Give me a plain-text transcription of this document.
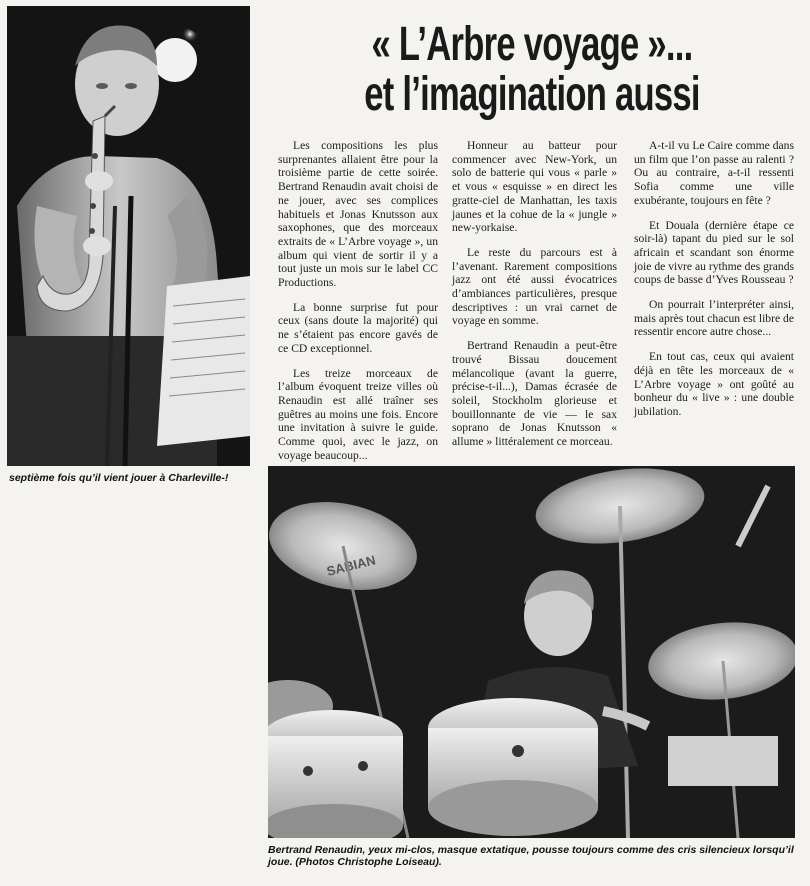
septième fois qu’il vient jouer à Charleville-!
« L’Arbre voyage »...
et l’imagination aussi

Les compositions les plus surprenantes allaient être pour la troisième partie de cette soirée. Bertrand Renaudin avait choisi de ne jouer, avec ses complices habituels et Jonas Knutsson aux saxophones, que des morceaux extraits de « L’Arbre voyage », un album qui vient de sortir il y a tout juste un mois sur le label CC Productions.

La bonne surprise fut pour ceux (sans doute la majorité) qui ne s’étaient pas encore gavés de ce CD exceptionnel.

Les treize morceaux de l’album évoquent treize villes où Renaudin est allé traîner ses guêtres au moins une fois. Encore une invitation à suivre le guide. Comme quoi, avec le jazz, on voyage beaucoup...

Honneur au batteur pour commencer avec New-York, un solo de batterie qui vous « parle » et vous « esquisse » en direct les gratte-ciel de Manhattan, les taxis jaunes et la cohue de la « jungle » new-yorkaise.

Le reste du parcours est à l’avenant. Rarement compositions jazz ont été aussi évocatrices d’ambiances particulières, presque descriptives : un vrai carnet de voyage en somme.

Bertrand Renaudin a peut-être trouvé Bissau doucement mélancolique (avant la guerre, précise-t-il...), Damas écrasée de soleil, Stockholm glorieuse et bouillonnante de vie — le sax soprano de Jonas Knutsson « allume » littéralement ce morceau.

A-t-il vu Le Caire comme dans un film que l’on passe au ralenti ? Ou au contraire, a-t-il ressenti Sofia comme une ville exubérante, toujours en fête ?

Et Douala (dernière étape ce soir-là) tapant du pied sur le sol africain et scandant son énorme joie de vivre au rythme des grands coups de basse d’Yves Rousseau ?

On pourrait l’interpréter ainsi, mais après tout chacun est libre de ressentir encore autre chose...

En tout cas, ceux qui avaient déjà en tête les morceaux de « L’Arbre voyage » ont goûté au bonheur du « live » : une double jubilation.

SABIAN
Bertrand Renaudin, yeux mi-clos, masque extatique, pousse toujours comme des cris silencieux lorsqu’il joue. (Photos Christophe Loiseau).
